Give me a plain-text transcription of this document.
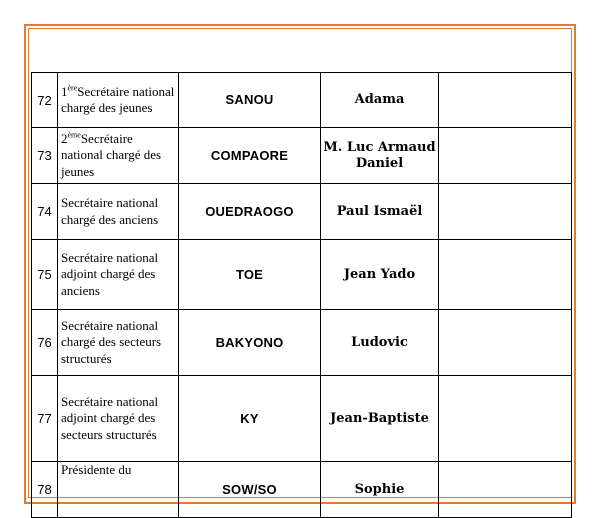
72	1èreSecrétaire national chargé des jeunes	SANOU	Adama	
73	2èmeSecrétaire national chargé des jeunes	COMPAORE	M. Luc Armaud Daniel	
74	Secrétaire national chargé des anciens	OUEDRAOGO	Paul Ismaël	
75	Secrétaire national adjoint chargé des anciens	TOE	Jean Yado	
76	Secrétaire national chargé des secteurs structurés	BAKYONO	Ludovic	
77	Secrétaire national adjoint chargé des secteurs structurés	KY	Jean-Baptiste	
78	Présidente du	SOW/SO	Sophie	
